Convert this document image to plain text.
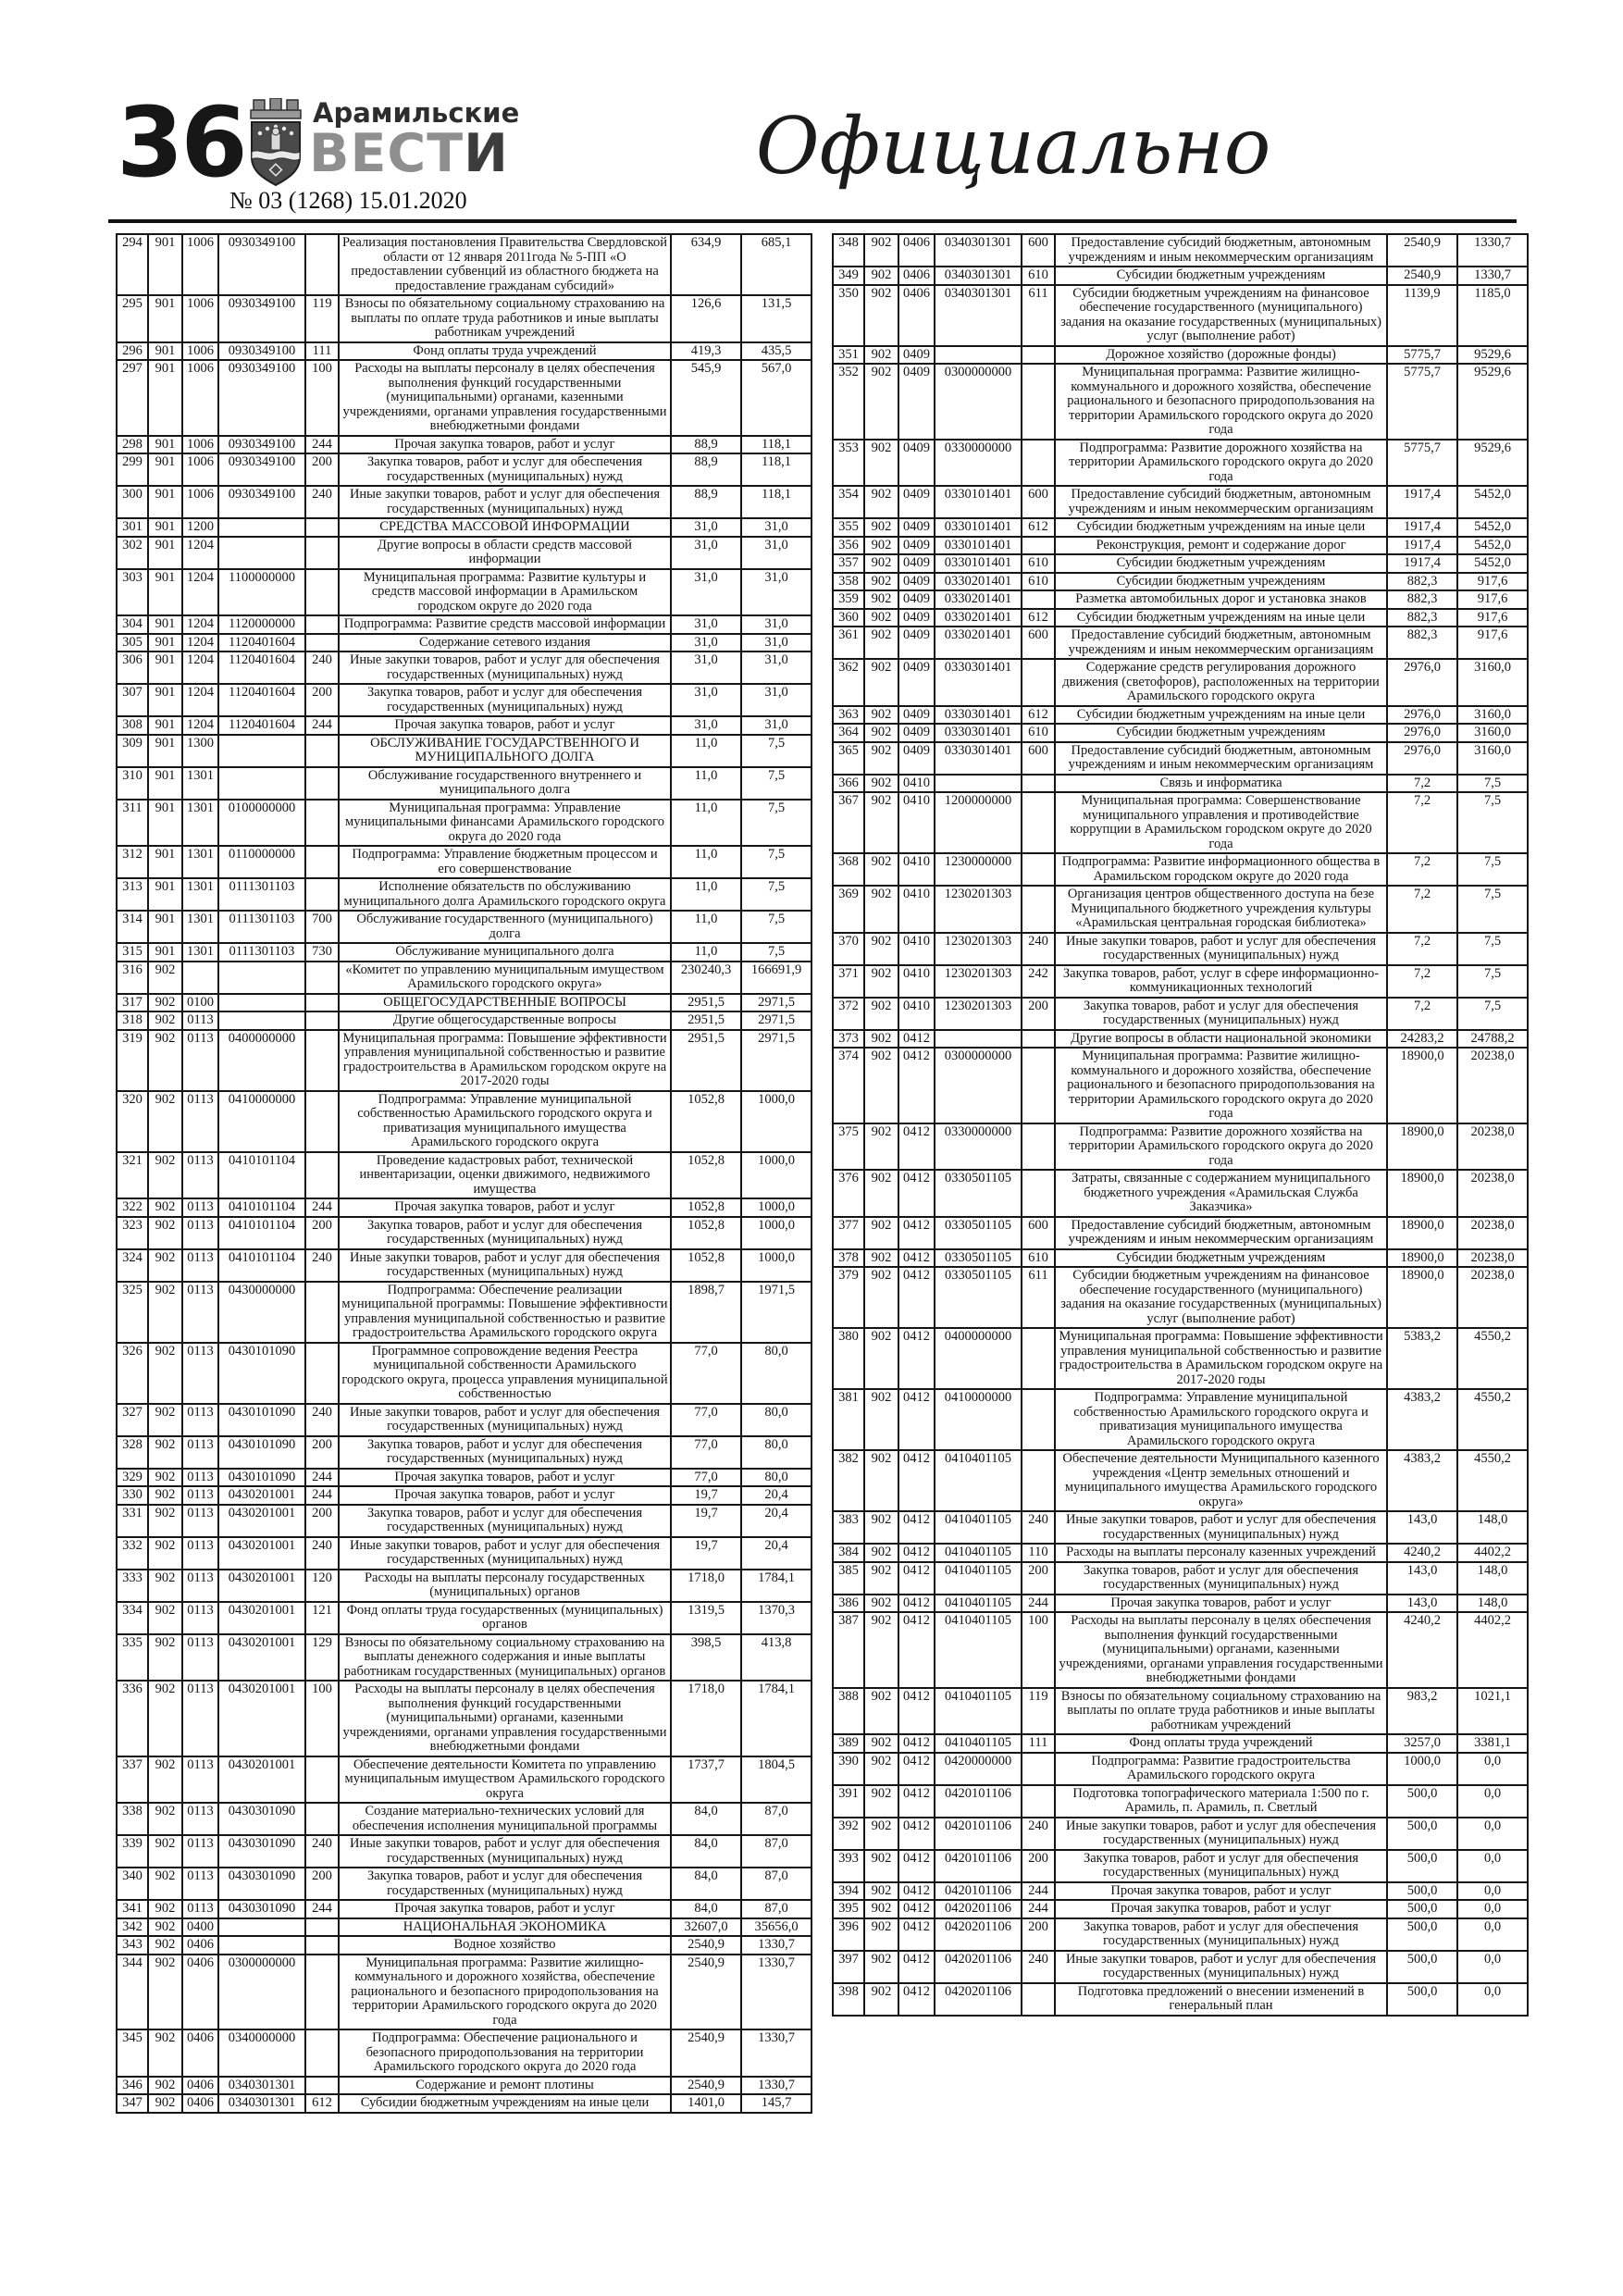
36	Арамильские
ВЕСТИ
№ 03 (1268) 15.01.2020
Официально
294	901	1006	0930349100		Реализация постановления Правительства Свердловской области от 12 января 2011года № 5-ПП «О предоставлении субвенций из областного бюджета на предоставление гражданам субсидий»	634,9	685,1
295	901	1006	0930349100	119	Взносы по обязательному социальному страхованию на выплаты по оплате труда работников и иные выплаты работникам учреждений	126,6	131,5
296	901	1006	0930349100	111	Фонд оплаты труда учреждений	419,3	435,5
297	901	1006	0930349100	100	Расходы на выплаты персоналу в целях обеспечения выполнения функций государственными (муниципальными) органами, казенными учреждениями, органами управления государственными внебюджетными фондами	545,9	567,0
298	901	1006	0930349100	244	Прочая закупка товаров, работ и услуг	88,9	118,1
299	901	1006	0930349100	200	Закупка товаров, работ и услуг для обеспечения государственных (муниципальных) нужд	88,9	118,1
300	901	1006	0930349100	240	Иные закупки товаров, работ и услуг для обеспечения государственных (муниципальных) нужд	88,9	118,1
301	901	1200			СРЕДСТВА МАССОВОЙ ИНФОРМАЦИИ	31,0	31,0
302	901	1204			Другие вопросы в области средств массовой информации	31,0	31,0
303	901	1204	1100000000		Муниципальная программа: Развитие культуры и средств массовой информации в Арамильском городском округе до 2020 года	31,0	31,0
304	901	1204	1120000000		Подпрограмма: Развитие средств массовой информации	31,0	31,0
305	901	1204	1120401604		Содержание сетевого издания	31,0	31,0
306	901	1204	1120401604	240	Иные закупки товаров, работ и услуг для обеспечения государственных (муниципальных) нужд	31,0	31,0
307	901	1204	1120401604	200	Закупка товаров, работ и услуг для обеспечения государственных (муниципальных) нужд	31,0	31,0
308	901	1204	1120401604	244	Прочая закупка товаров, работ и услуг	31,0	31,0
309	901	1300			ОБСЛУЖИВАНИЕ ГОСУДАРСТВЕННОГО И МУНИЦИПАЛЬНОГО ДОЛГА	11,0	7,5
310	901	1301			Обслуживание государственного внутреннего и муниципального долга	11,0	7,5
311	901	1301	0100000000		Муниципальная программа: Управление муниципальными финансами Арамильского городского округа до 2020 года	11,0	7,5
312	901	1301	0110000000		Подпрограмма: Управление бюджетным процессом и его совершенствование	11,0	7,5
313	901	1301	0111301103		Исполнение обязательств по обслуживанию муниципального долга Арамильского городского округа	11,0	7,5
314	901	1301	0111301103	700	Обслуживание государственного (муниципального) долга	11,0	7,5
315	901	1301	0111301103	730	Обслуживание муниципального долга	11,0	7,5
316	902				«Комитет по управлению муниципальным имуществом Арамильского городского округа»	230240,3	166691,9
317	902	0100			ОБЩЕГОСУДАРСТВЕННЫЕ ВОПРОСЫ	2951,5	2971,5
318	902	0113			Другие общегосударственные вопросы	2951,5	2971,5
319	902	0113	0400000000		Муниципальная программа: Повышение эффективности управления муниципальной собственностью и развитие градостроительства в Арамильском городском округе на 2017-2020 годы	2951,5	2971,5
320	902	0113	0410000000		Подпрограмма: Управление муниципальной собственностью Арамильского городского округа и приватизация муниципального имущества Арамильского городского округа	1052,8	1000,0
321	902	0113	0410101104		Проведение кадастровых работ, технической инвентаризации, оценки движимого, недвижимого имущества	1052,8	1000,0
322	902	0113	0410101104	244	Прочая закупка товаров, работ и услуг	1052,8	1000,0
323	902	0113	0410101104	200	Закупка товаров, работ и услуг для обеспечения государственных (муниципальных) нужд	1052,8	1000,0
324	902	0113	0410101104	240	Иные закупки товаров, работ и услуг для обеспечения государственных (муниципальных) нужд	1052,8	1000,0
325	902	0113	0430000000		Подпрограмма: Обеспечение реализации муниципальной программы: Повышение эффективности управления муниципальной собственностью и развитие градостроительства Арамильского городского округа	1898,7	1971,5
326	902	0113	0430101090		Программное сопровождение ведения Реестра муниципальной собственности Арамильского городского округа, процесса управления муниципальной собственностью	77,0	80,0
327	902	0113	0430101090	240	Иные закупки товаров, работ и услуг для обеспечения государственных (муниципальных) нужд	77,0	80,0
328	902	0113	0430101090	200	Закупка товаров, работ и услуг для обеспечения государственных (муниципальных) нужд	77,0	80,0
329	902	0113	0430101090	244	Прочая закупка товаров, работ и услуг	77,0	80,0
330	902	0113	0430201001	244	Прочая закупка товаров, работ и услуг	19,7	20,4
331	902	0113	0430201001	200	Закупка товаров, работ и услуг для обеспечения государственных (муниципальных) нужд	19,7	20,4
332	902	0113	0430201001	240	Иные закупки товаров, работ и услуг для обеспечения государственных (муниципальных) нужд	19,7	20,4
333	902	0113	0430201001	120	Расходы на выплаты персоналу государственных (муниципальных) органов	1718,0	1784,1
334	902	0113	0430201001	121	Фонд оплаты труда государственных (муниципальных) органов	1319,5	1370,3
335	902	0113	0430201001	129	Взносы по обязательному социальному страхованию на выплаты денежного содержания и иные выплаты работникам государственных (муниципальных) органов	398,5	413,8
336	902	0113	0430201001	100	Расходы на выплаты персоналу в целях обеспечения выполнения функций государственными (муниципальными) органами, казенными учреждениями, органами управления государственными внебюджетными фондами	1718,0	1784,1
337	902	0113	0430201001		Обеспечение деятельности Комитета по управлению муниципальным имуществом Арамильского городского округа	1737,7	1804,5
338	902	0113	0430301090		Создание материально-технических условий для обеспечения исполнения муниципальной программы	84,0	87,0
339	902	0113	0430301090	240	Иные закупки товаров, работ и услуг для обеспечения государственных (муниципальных) нужд	84,0	87,0
340	902	0113	0430301090	200	Закупка товаров, работ и услуг для обеспечения государственных (муниципальных) нужд	84,0	87,0
341	902	0113	0430301090	244	Прочая закупка товаров, работ и услуг	84,0	87,0
342	902	0400			НАЦИОНАЛЬНАЯ ЭКОНОМИКА	32607,0	35656,0
343	902	0406			Водное хозяйство	2540,9	1330,7
344	902	0406	0300000000		Муниципальная программа: Развитие жилищно-коммунального и дорожного хозяйства, обеспечение рационального и безопасного природопользования на территории Арамильского городского округа до 2020 года	2540,9	1330,7
345	902	0406	0340000000		Подпрограмма: Обеспечение рационального и безопасного природопользования на территории Арамильского городского округа до 2020 года	2540,9	1330,7
346	902	0406	0340301301		Содержание и ремонт плотины	2540,9	1330,7
347	902	0406	0340301301	612	Субсидии бюджетным учреждениям на иные цели	1401,0	145,7
348	902	0406	0340301301	600	Предоставление субсидий бюджетным, автономным учреждениям и иным некоммерческим организациям	2540,9	1330,7
349	902	0406	0340301301	610	Субсидии бюджетным учреждениям	2540,9	1330,7
350	902	0406	0340301301	611	Субсидии бюджетным учреждениям на финансовое обеспечение государственного (муниципального) задания на оказание государственных (муниципальных) услуг (выполнение работ)	1139,9	1185,0
351	902	0409			Дорожное хозяйство (дорожные фонды)	5775,7	9529,6
352	902	0409	0300000000		Муниципальная программа: Развитие жилищно-коммунального и дорожного хозяйства, обеспечение рационального и безопасного природопользования на территории Арамильского городского округа до 2020 года	5775,7	9529,6
353	902	0409	0330000000		Подпрограмма: Развитие дорожного хозяйства на территории Арамильского городского округа до 2020 года	5775,7	9529,6
354	902	0409	0330101401	600	Предоставление субсидий бюджетным, автономным учреждениям и иным некоммерческим организациям	1917,4	5452,0
355	902	0409	0330101401	612	Субсидии бюджетным учреждениям на иные цели	1917,4	5452,0
356	902	0409	0330101401		Реконструкция, ремонт и содержание дорог	1917,4	5452,0
357	902	0409	0330101401	610	Субсидии бюджетным учреждениям	1917,4	5452,0
358	902	0409	0330201401	610	Субсидии бюджетным учреждениям	882,3	917,6
359	902	0409	0330201401		Разметка автомобильных дорог и установка знаков	882,3	917,6
360	902	0409	0330201401	612	Субсидии бюджетным учреждениям на иные цели	882,3	917,6
361	902	0409	0330201401	600	Предоставление субсидий бюджетным, автономным учреждениям и иным некоммерческим организациям	882,3	917,6
362	902	0409	0330301401		Содержание средств регулирования дорожного движения (светофоров), расположенных на территории Арамильского городского округа	2976,0	3160,0
363	902	0409	0330301401	612	Субсидии бюджетным учреждениям на иные цели	2976,0	3160,0
364	902	0409	0330301401	610	Субсидии бюджетным учреждениям	2976,0	3160,0
365	902	0409	0330301401	600	Предоставление субсидий бюджетным, автономным учреждениям и иным некоммерческим организациям	2976,0	3160,0
366	902	0410			Связь и информатика	7,2	7,5
367	902	0410	1200000000		Муниципальная программа: Совершенствование муниципального управления и противодействие коррупции в Арамильском городском округе до 2020 года	7,2	7,5
368	902	0410	1230000000		Подпрограмма: Развитие информационного общества в Арамильском городском округе до 2020 года	7,2	7,5
369	902	0410	1230201303		Организация центров общественного доступа на безе Муниципального бюджетного учреждения культуры «Арамильская центральная городская библиотека»	7,2	7,5
370	902	0410	1230201303	240	Иные закупки товаров, работ и услуг для обеспечения государственных (муниципальных) нужд	7,2	7,5
371	902	0410	1230201303	242	Закупка товаров, работ, услуг в сфере информационно-коммуникационных технологий	7,2	7,5
372	902	0410	1230201303	200	Закупка товаров, работ и услуг для обеспечения государственных (муниципальных) нужд	7,2	7,5
373	902	0412			Другие вопросы в области национальной экономики	24283,2	24788,2
374	902	0412	0300000000		Муниципальная программа: Развитие жилищно-коммунального и дорожного хозяйства, обеспечение рационального и безопасного природопользования на территории Арамильского городского округа до 2020 года	18900,0	20238,0
375	902	0412	0330000000		Подпрограмма: Развитие дорожного хозяйства на территории Арамильского городского округа до 2020 года	18900,0	20238,0
376	902	0412	0330501105		Затраты, связанные с содержанием муниципального бюджетного учреждения «Арамильская Служба Заказчика»	18900,0	20238,0
377	902	0412	0330501105	600	Предоставление субсидий бюджетным, автономным учреждениям и иным некоммерческим организациям	18900,0	20238,0
378	902	0412	0330501105	610	Субсидии бюджетным учреждениям	18900,0	20238,0
379	902	0412	0330501105	611	Субсидии бюджетным учреждениям на финансовое обеспечение государственного (муниципального) задания на оказание государственных (муниципальных) услуг (выполнение работ)	18900,0	20238,0
380	902	0412	0400000000		Муниципальная программа: Повышение эффективности управления муниципальной собственностью и развитие градостроительства в Арамильском городском округе на 2017-2020 годы	5383,2	4550,2
381	902	0412	0410000000		Подпрограмма: Управление муниципальной собственностью Арамильского городского округа и приватизация муниципального имущества Арамильского городского округа	4383,2	4550,2
382	902	0412	0410401105		Обеспечение деятельности Муниципального казенного учреждения «Центр земельных отношений и муниципального имущества Арамильского городского округа»	4383,2	4550,2
383	902	0412	0410401105	240	Иные закупки товаров, работ и услуг для обеспечения государственных (муниципальных) нужд	143,0	148,0
384	902	0412	0410401105	110	Расходы на выплаты персоналу казенных учреждений	4240,2	4402,2
385	902	0412	0410401105	200	Закупка товаров, работ и услуг для обеспечения государственных (муниципальных) нужд	143,0	148,0
386	902	0412	0410401105	244	Прочая закупка товаров, работ и услуг	143,0	148,0
387	902	0412	0410401105	100	Расходы на выплаты персоналу в целях обеспечения выполнения функций государственными (муниципальными) органами, казенными учреждениями, органами управления государственными внебюджетными фондами	4240,2	4402,2
388	902	0412	0410401105	119	Взносы по обязательному социальному страхованию на выплаты по оплате труда работников и иные выплаты работникам учреждений	983,2	1021,1
389	902	0412	0410401105	111	Фонд оплаты труда учреждений	3257,0	3381,1
390	902	0412	0420000000		Подпрограмма: Развитие градостроительства Арамильского городского округа	1000,0	0,0
391	902	0412	0420101106		Подготовка топографического материала 1:500 по г. Арамиль, п. Арамиль, п. Светлый	500,0	0,0
392	902	0412	0420101106	240	Иные закупки товаров, работ и услуг для обеспечения государственных (муниципальных) нужд	500,0	0,0
393	902	0412	0420101106	200	Закупка товаров, работ и услуг для обеспечения государственных (муниципальных) нужд	500,0	0,0
394	902	0412	0420101106	244	Прочая закупка товаров, работ и услуг	500,0	0,0
395	902	0412	0420201106	244	Прочая закупка товаров, работ и услуг	500,0	0,0
396	902	0412	0420201106	200	Закупка товаров, работ и услуг для обеспечения государственных (муниципальных) нужд	500,0	0,0
397	902	0412	0420201106	240	Иные закупки товаров, работ и услуг для обеспечения государственных (муниципальных) нужд	500,0	0,0
398	902	0412	0420201106		Подготовка предложений о внесении изменений в генеральный план	500,0	0,0
